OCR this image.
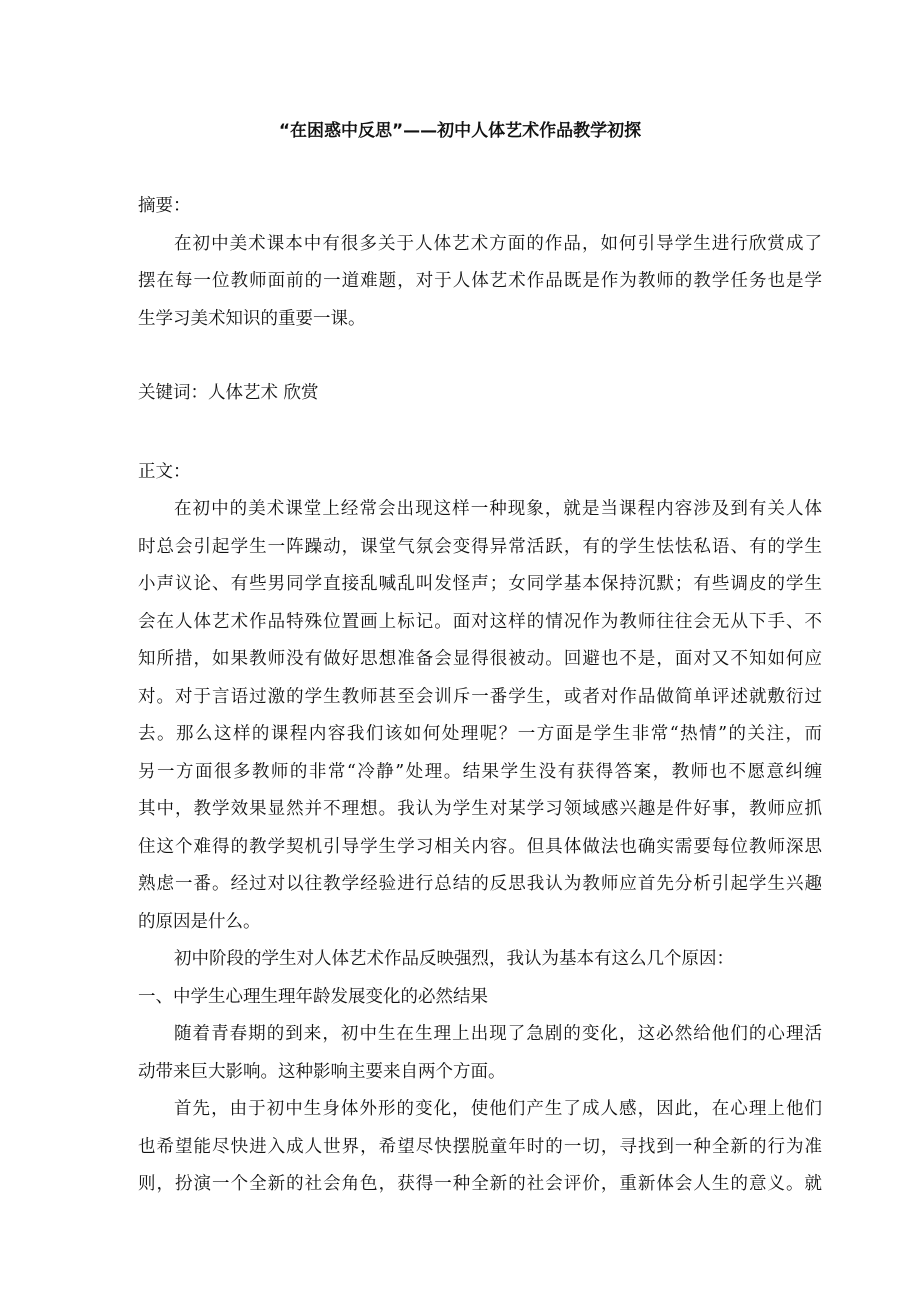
“在困惑中反思”——初中人体艺术作品教学初探
摘要：
在初中美术课本中有很多关于人体艺术方面的作品，如何引导学生进行欣赏成了
摆在每一位教师面前的一道难题，对于人体艺术作品既是作为教师的教学任务也是学
生学习美术知识的重要一课。
关键词：人体艺术 欣赏
正文：
在初中的美术课堂上经常会出现这样一种现象，就是当课程内容涉及到有关人体
时总会引起学生一阵躁动，课堂气氛会变得异常活跃，有的学生怯怯私语、有的学生
小声议论、有些男同学直接乱喊乱叫发怪声；女同学基本保持沉默；有些调皮的学生
会在人体艺术作品特殊位置画上标记。面对这样的情况作为教师往往会无从下手、不
知所措，如果教师没有做好思想准备会显得很被动。回避也不是，面对又不知如何应
对。对于言语过激的学生教师甚至会训斥一番学生，或者对作品做简单评述就敷衍过
去。那么这样的课程内容我们该如何处理呢？一方面是学生非常“热情”的关注，而
另一方面很多教师的非常“冷静”处理。结果学生没有获得答案，教师也不愿意纠缠
其中，教学效果显然并不理想。我认为学生对某学习领域感兴趣是件好事，教师应抓
住这个难得的教学契机引导学生学习相关内容。但具体做法也确实需要每位教师深思
熟虑一番。经过对以往教学经验进行总结的反思我认为教师应首先分析引起学生兴趣
的原因是什么。
初中阶段的学生对人体艺术作品反映强烈，我认为基本有这么几个原因：
一、中学生心理生理年龄发展变化的必然结果
随着青春期的到来，初中生在生理上出现了急剧的变化，这必然给他们的心理活
动带来巨大影响。这种影响主要来自两个方面。
首先，由于初中生身体外形的变化，使他们产生了成人感，因此，在心理上他们
也希望能尽快进入成人世界，希望尽快摆脱童年时的一切，寻找到一种全新的行为准
则，扮演一个全新的社会角色，获得一种全新的社会评价，重新体会人生的意义。就
